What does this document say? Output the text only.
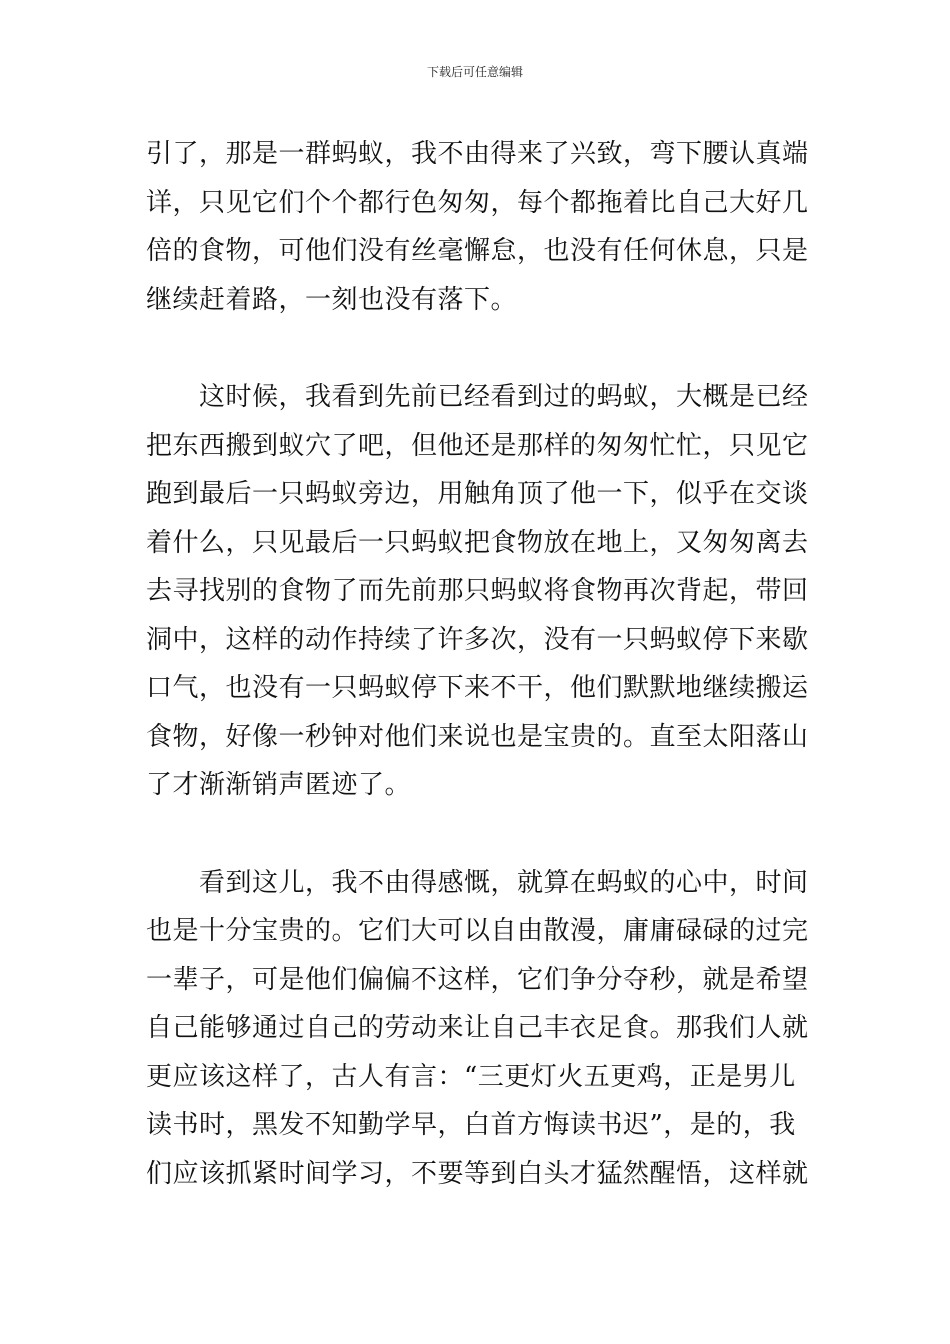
下载后可任意编辑

引了，那是一群蚂蚁，我不由得来了兴致，弯下腰认真端
详，只见它们个个都行色匆匆，每个都拖着比自己大好几
倍的食物，可他们没有丝毫懈怠，也没有任何休息，只是
继续赶着路，一刻也没有落下。

　　这时候，我看到先前已经看到过的蚂蚁，大概是已经
把东西搬到蚁穴了吧，但他还是那样的匆匆忙忙，只见它
跑到最后一只蚂蚁旁边，用触角顶了他一下，似乎在交谈
着什么，只见最后一只蚂蚁把食物放在地上，又匆匆离去
去寻找别的食物了而先前那只蚂蚁将食物再次背起，带回
洞中，这样的动作持续了许多次，没有一只蚂蚁停下来歇
口气，也没有一只蚂蚁停下来不干，他们默默地继续搬运
食物，好像一秒钟对他们来说也是宝贵的。直至太阳落山
了才渐渐销声匿迹了。

　　看到这儿，我不由得感慨，就算在蚂蚁的心中，时间
也是十分宝贵的。它们大可以自由散漫，庸庸碌碌的过完
一辈子，可是他们偏偏不这样，它们争分夺秒，就是希望
自己能够通过自己的劳动来让自己丰衣足食。那我们人就
更应该这样了，古人有言：“三更灯火五更鸡，正是男儿
读书时，黑发不知勤学早，白首方悔读书迟”，是的，我
们应该抓紧时间学习，不要等到白头才猛然醒悟，这样就
